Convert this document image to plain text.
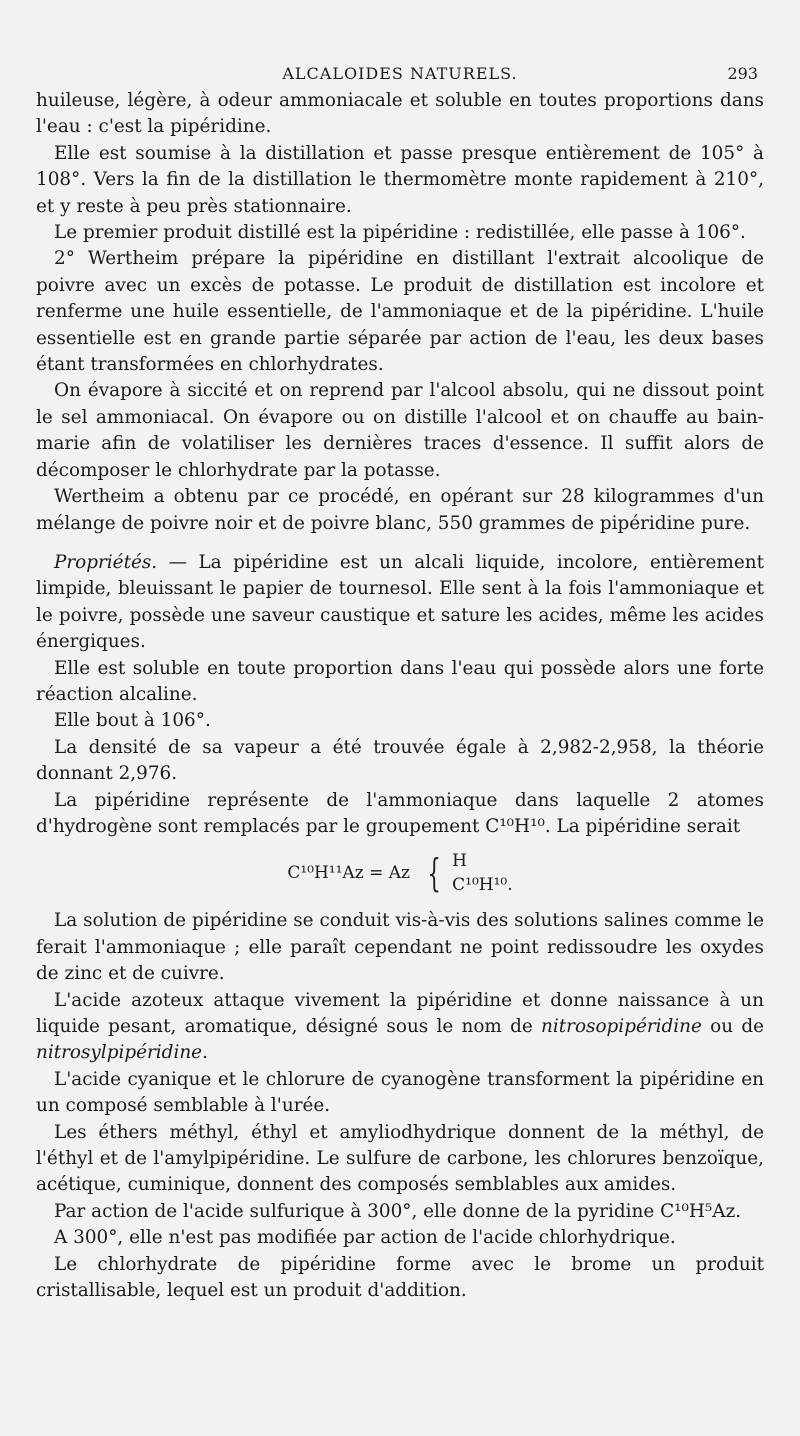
ALCALOIDES NATURELS.	293

huileuse, légère, à odeur ammoniacale et soluble en toutes proportions dans l'eau : c'est la pipéridine.

Elle est soumise à la distillation et passe presque entièrement de 105° à 108°. Vers la fin de la distillation le thermomètre monte rapidement à 210°, et y reste à peu près stationnaire.

Le premier produit distillé est la pipéridine : redistillée, elle passe à 106°.

2° Wertheim prépare la pipéridine en distillant l'extrait alcoolique de poivre avec un excès de potasse. Le produit de distillation est incolore et renferme une huile essentielle, de l'ammoniaque et de la pipéridine. L'huile essentielle est en grande partie séparée par action de l'eau, les deux bases étant transformées en chlorhydrates.

On évapore à siccité et on reprend par l'alcool absolu, qui ne dissout point le sel ammoniacal. On évapore ou on distille l'alcool et on chauffe au bain-marie afin de volatiliser les dernières traces d'essence. Il suffit alors de décomposer le chlorhydrate par la potasse.

Wertheim a obtenu par ce procédé, en opérant sur 28 kilogrammes d'un mélange de poivre noir et de poivre blanc, 550 grammes de pipéridine pure.

Propriétés. — La pipéridine est un alcali liquide, incolore, entièrement limpide, bleuissant le papier de tournesol. Elle sent à la fois l'ammoniaque et le poivre, possède une saveur caustique et sature les acides, même les acides énergiques.

Elle est soluble en toute proportion dans l'eau qui possède alors une forte réaction alcaline.

Elle bout à 106°.

La densité de sa vapeur a été trouvée égale à 2,982-2,958, la théorie donnant 2,976.

La pipéridine représente de l'ammoniaque dans laquelle 2 atomes d'hydrogène sont remplacés par le groupement C¹⁰H¹⁰. La pipéridine serait

C¹⁰H¹¹Az = Az { H
C¹⁰H¹⁰.

La solution de pipéridine se conduit vis-à-vis des solutions salines comme le ferait l'ammoniaque ; elle paraît cependant ne point redissoudre les oxydes de zinc et de cuivre.

L'acide azoteux attaque vivement la pipéridine et donne naissance à un liquide pesant, aromatique, désigné sous le nom de nitrosopipéridine ou de nitrosylpipéridine.

L'acide cyanique et le chlorure de cyanogène transforment la pipéridine en un composé semblable à l'urée.

Les éthers méthyl, éthyl et amyliodhydrique donnent de la méthyl, de l'éthyl et de l'amylpipéridine. Le sulfure de carbone, les chlorures benzoïque, acétique, cuminique, donnent des composés semblables aux amides.

Par action de l'acide sulfurique à 300°, elle donne de la pyridine C¹⁰H⁵Az.

A 300°, elle n'est pas modifiée par action de l'acide chlorhydrique.

Le chlorhydrate de pipéridine forme avec le brome un produit cristallisable, lequel est un produit d'addition.
